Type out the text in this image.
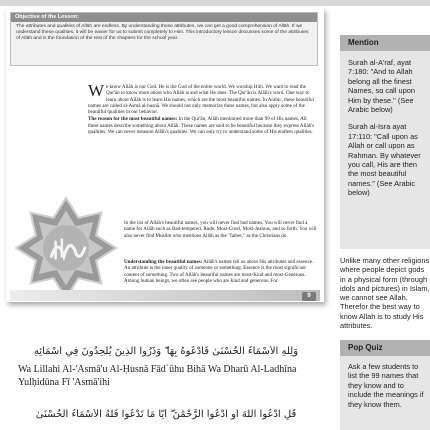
Objective of the Lesson:
The attributes and qualities of Allāh are endless. By understanding these attributes, we can get a good comprehension of Allāh. If we understand these qualities, it will be easier for us to submit completely to Him. This introductory lesson discusses some of the attributes of Allāh and is the foundation of the rest of the chapters for the school year.
W e know Allāh is our God. He is the God of the entire world. We worship Him. We want to read the Qur'ān to know more about who Allāh is and what He does. The Qur'ān is Allāh's word. One way to learn about Allāh is to learn His names, which are the most beautiful names. In Arabic, these beautiful names are called al-Asmā al-husnā. We should not only memorize these names, but also apply some of the beautiful qualities in our behavior.

The reason for the most beautiful names: In the Qur'ān, Allāh mentioned more than 99 of His names. All these names describe something about Allāh. These names are said to be beautiful because they express Allāh's qualities. We can never measure Allāh's qualities. We can only try to understand some of His endless qualities.

In the list of Allāh's beautiful names, you will never find bad names. You will never find a name for Allāh such as Bad-tempered, Rude, Most-Cruel, Most-Jealous, and so forth. You will also never find Muslim who mentions Allāh as the "father," as the Christians do.
Understanding the beautiful names: Allāh's names tell us about His attributes and essence. An attribute is the inner quality of someone or something. Essence is the most significant content of something. Two of Allāh's beautiful names are most-Kind and most-Generous. Among human beings, we often see people who are kind and generous. For
9
Mention

Surah al-A'raf, ayat 7:180: "And to Allah belong all the finest Names, so call upon Him by these." (See Arabic below)

Surah al-Isra ayat 17:110: "Call upon as Allah or call upon as Rahman. By whatever you call, His are then the most beautiful names." (See Arabic below)

Unlike many other religions where people depict gods in a physical form (through idols and pictures) in Islam, we cannot see Allah. Therefor the best way to know Allah is to study His attributes.
Pop Quiz
Ask a few students to list the 99 names that they know and to include the meanings if they know them.
وَلِلَّهِ الْأَسْمَاءُ الْحُسْنَىٰ فَادْعُوهُ بِهَا ۖ وَذَرُوا الَّذِينَ يُلْحِدُونَ فِي أَسْمَائِهِ
Wa Lillahi Al-'Asmā'u Al-Ḥusnā Fād`ūhu Bihā Wa Dharū Al-Ladhīna Yulḥidūna Fī 'Asmā'ihi
قُلِ ادْعُوا اللَّهَ أَوِ ادْعُوا الرَّحْمَٰنَ ۖ أَيًّا مَا تَدْعُوا فَلَهُ الْأَسْمَاءُ الْحُسْنَىٰ
